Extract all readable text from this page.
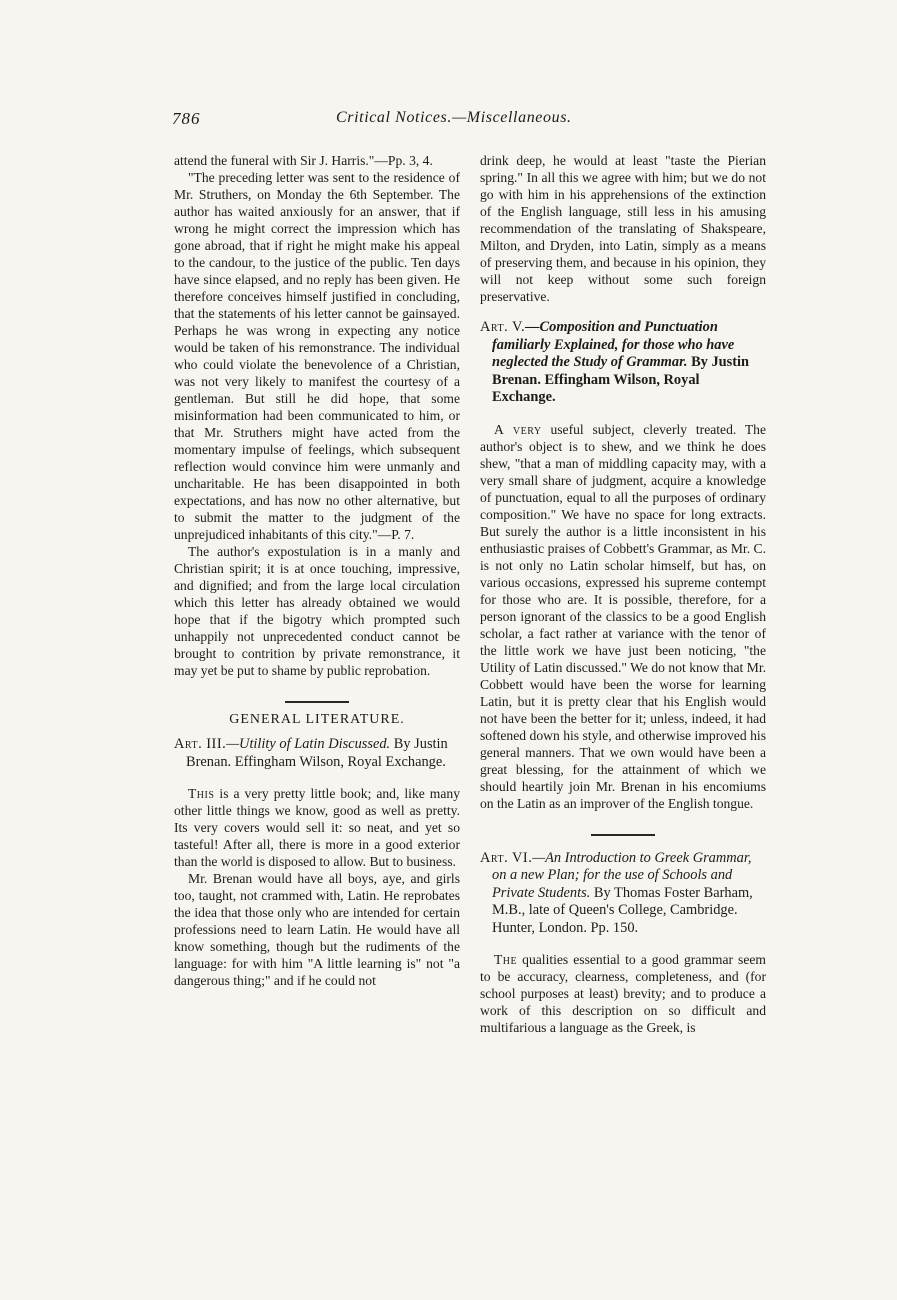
786	Critical Notices.—Miscellaneous.

attend the funeral with Sir J. Harris."—Pp. 3, 4.

"The preceding letter was sent to the residence of Mr. Struthers, on Monday the 6th September. The author has waited anxiously for an answer, that if wrong he might correct the impression which has gone abroad, that if right he might make his appeal to the candour, to the justice of the public. Ten days have since elapsed, and no reply has been given. He therefore conceives himself justified in concluding, that the statements of his letter cannot be gainsayed. Perhaps he was wrong in expecting any notice would be taken of his remonstrance. The individual who could violate the benevolence of a Christian, was not very likely to manifest the courtesy of a gentleman. But still he did hope, that some misinformation had been communicated to him, or that Mr. Struthers might have acted from the momentary impulse of feelings, which subsequent reflection would convince him were unmanly and uncharitable. He has been disappointed in both expectations, and has now no other alternative, but to submit the matter to the judgment of the unprejudiced inhabitants of this city."—P. 7.

The author's expostulation is in a manly and Christian spirit; it is at once touching, impressive, and dignified; and from the large local circulation which this letter has already obtained we would hope that if the bigotry which prompted such unhappily not unprecedented conduct cannot be brought to contrition by private remonstrance, it may yet be put to shame by public reprobation.

GENERAL LITERATURE.

Art. III.—Utility of Latin Discussed. By Justin Brenan. Effingham Wilson, Royal Exchange.

This is a very pretty little book; and, like many other little things we know, good as well as pretty. Its very covers would sell it: so neat, and yet so tasteful! After all, there is more in a good exterior than the world is disposed to allow. But to business.

Mr. Brenan would have all boys, aye, and girls too, taught, not crammed with, Latin. He reprobates the idea that those only who are intended for certain professions need to learn Latin. He would have all know something, though but the rudiments of the language: for with him "A little learning is" not "a dangerous thing;" and if he could not

drink deep, he would at least "taste the Pierian spring." In all this we agree with him; but we do not go with him in his apprehensions of the extinction of the English language, still less in his amusing recommendation of the translating of Shakspeare, Milton, and Dryden, into Latin, simply as a means of preserving them, and because in his opinion, they will not keep without some such foreign preservative.

Art. V.—Composition and Punctuation familiarly Explained, for those who have neglected the Study of Grammar. By Justin Brenan. Effingham Wilson, Royal Exchange.

A very useful subject, cleverly treated. The author's object is to shew, and we think he does shew, "that a man of middling capacity may, with a very small share of judgment, acquire a knowledge of punctuation, equal to all the purposes of ordinary composition." We have no space for long extracts. But surely the author is a little inconsistent in his enthusiastic praises of Cobbett's Grammar, as Mr. C. is not only no Latin scholar himself, but has, on various occasions, expressed his supreme contempt for those who are. It is possible, therefore, for a person ignorant of the classics to be a good English scholar, a fact rather at variance with the tenor of the little work we have just been noticing, "the Utility of Latin discussed." We do not know that Mr. Cobbett would have been the worse for learning Latin, but it is pretty clear that his English would not have been the better for it; unless, indeed, it had softened down his style, and otherwise improved his general manners. That we own would have been a great blessing, for the attainment of which we should heartily join Mr. Brenan in his encomiums on the Latin as an improver of the English tongue.

Art. VI.—An Introduction to Greek Grammar, on a new Plan; for the use of Schools and Private Students. By Thomas Foster Barham, M.B., late of Queen's College, Cambridge. Hunter, London. Pp. 150.

The qualities essential to a good grammar seem to be accuracy, clearness, completeness, and (for school purposes at least) brevity; and to produce a work of this description on so difficult and multifarious a language as the Greek, is
